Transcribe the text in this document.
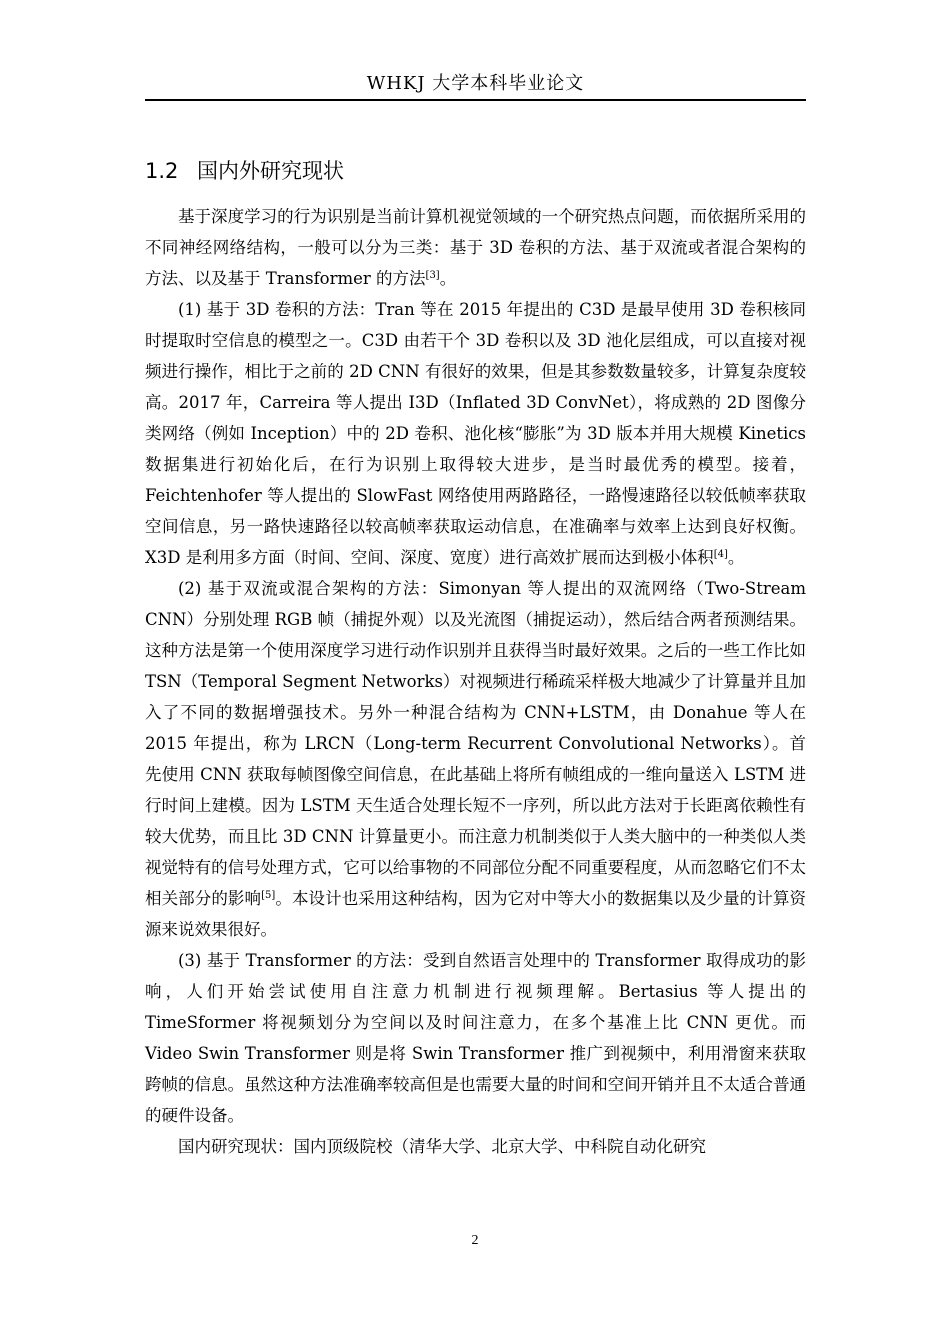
WHKJ 大学本科毕业论文
1.2 国内外研究现状

基于深度学习的行为识别是当前计算机视觉领域的一个研究热点问题，而依据所采用的不同神经网络结构，一般可以分为三类：基于 3D 卷积的方法、基于双流或者混合架构的方法、以及基于 Transformer 的方法[3]。

(1) 基于 3D 卷积的方法：Tran 等在 2015 年提出的 C3D 是最早使用 3D 卷积核同时提取时空信息的模型之一。C3D 由若干个 3D 卷积以及 3D 池化层组成，可以直接对视频进行操作，相比于之前的 2D CNN 有很好的效果，但是其参数数量较多，计算复杂度较高。2017 年，Carreira 等人提出 I3D（Inflated 3D ConvNet），将成熟的 2D 图像分类网络（例如 Inception）中的 2D 卷积、池化核“膨胀”为 3D 版本并用大规模 Kinetics 数据集进行初始化后，在行为识别上取得较大进步，是当时最优秀的模型。接着，Feichtenhofer 等人提出的 SlowFast 网络使用两路路径，一路慢速路径以较低帧率获取空间信息，另一路快速路径以较高帧率获取运动信息，在准确率与效率上达到良好权衡。X3D 是利用多方面（时间、空间、深度、宽度）进行高效扩展而达到极小体积[4]。

(2) 基于双流或混合架构的方法：Simonyan 等人提出的双流网络（Two-Stream CNN）分别处理 RGB 帧（捕捉外观）以及光流图（捕捉运动），然后结合两者预测结果。这种方法是第一个使用深度学习进行动作识别并且获得当时最好效果。之后的一些工作比如 TSN（Temporal Segment Networks）对视频进行稀疏采样极大地减少了计算量并且加入了不同的数据增强技术。另外一种混合结构为 CNN+LSTM，由 Donahue 等人在 2015 年提出，称为 LRCN（Long-term Recurrent Convolutional Networks）。首先使用 CNN 获取每帧图像空间信息，在此基础上将所有帧组成的一维向量送入 LSTM 进行时间上建模。因为 LSTM 天生适合处理长短不一序列，所以此方法对于长距离依赖性有较大优势，而且比 3D CNN 计算量更小。而注意力机制类似于人类大脑中的一种类似人类视觉特有的信号处理方式，它可以给事物的不同部位分配不同重要程度，从而忽略它们不太相关部分的影响[5]。本设计也采用这种结构，因为它对中等大小的数据集以及少量的计算资源来说效果很好。

(3) 基于 Transformer 的方法：受到自然语言处理中的 Transformer 取得成功的影响，人们开始尝试使用自注意力机制进行视频理解。Bertasius 等人提出的 TimeSformer 将视频划分为空间以及时间注意力，在多个基准上比 CNN 更优。而 Video Swin Transformer 则是将 Swin Transformer 推广到视频中，利用滑窗来获取跨帧的信息。虽然这种方法准确率较高但是也需要大量的时间和空间开销并且不太适合普通的硬件设备。

国内研究现状：国内顶级院校（清华大学、北京大学、中科院自动化研究

2
